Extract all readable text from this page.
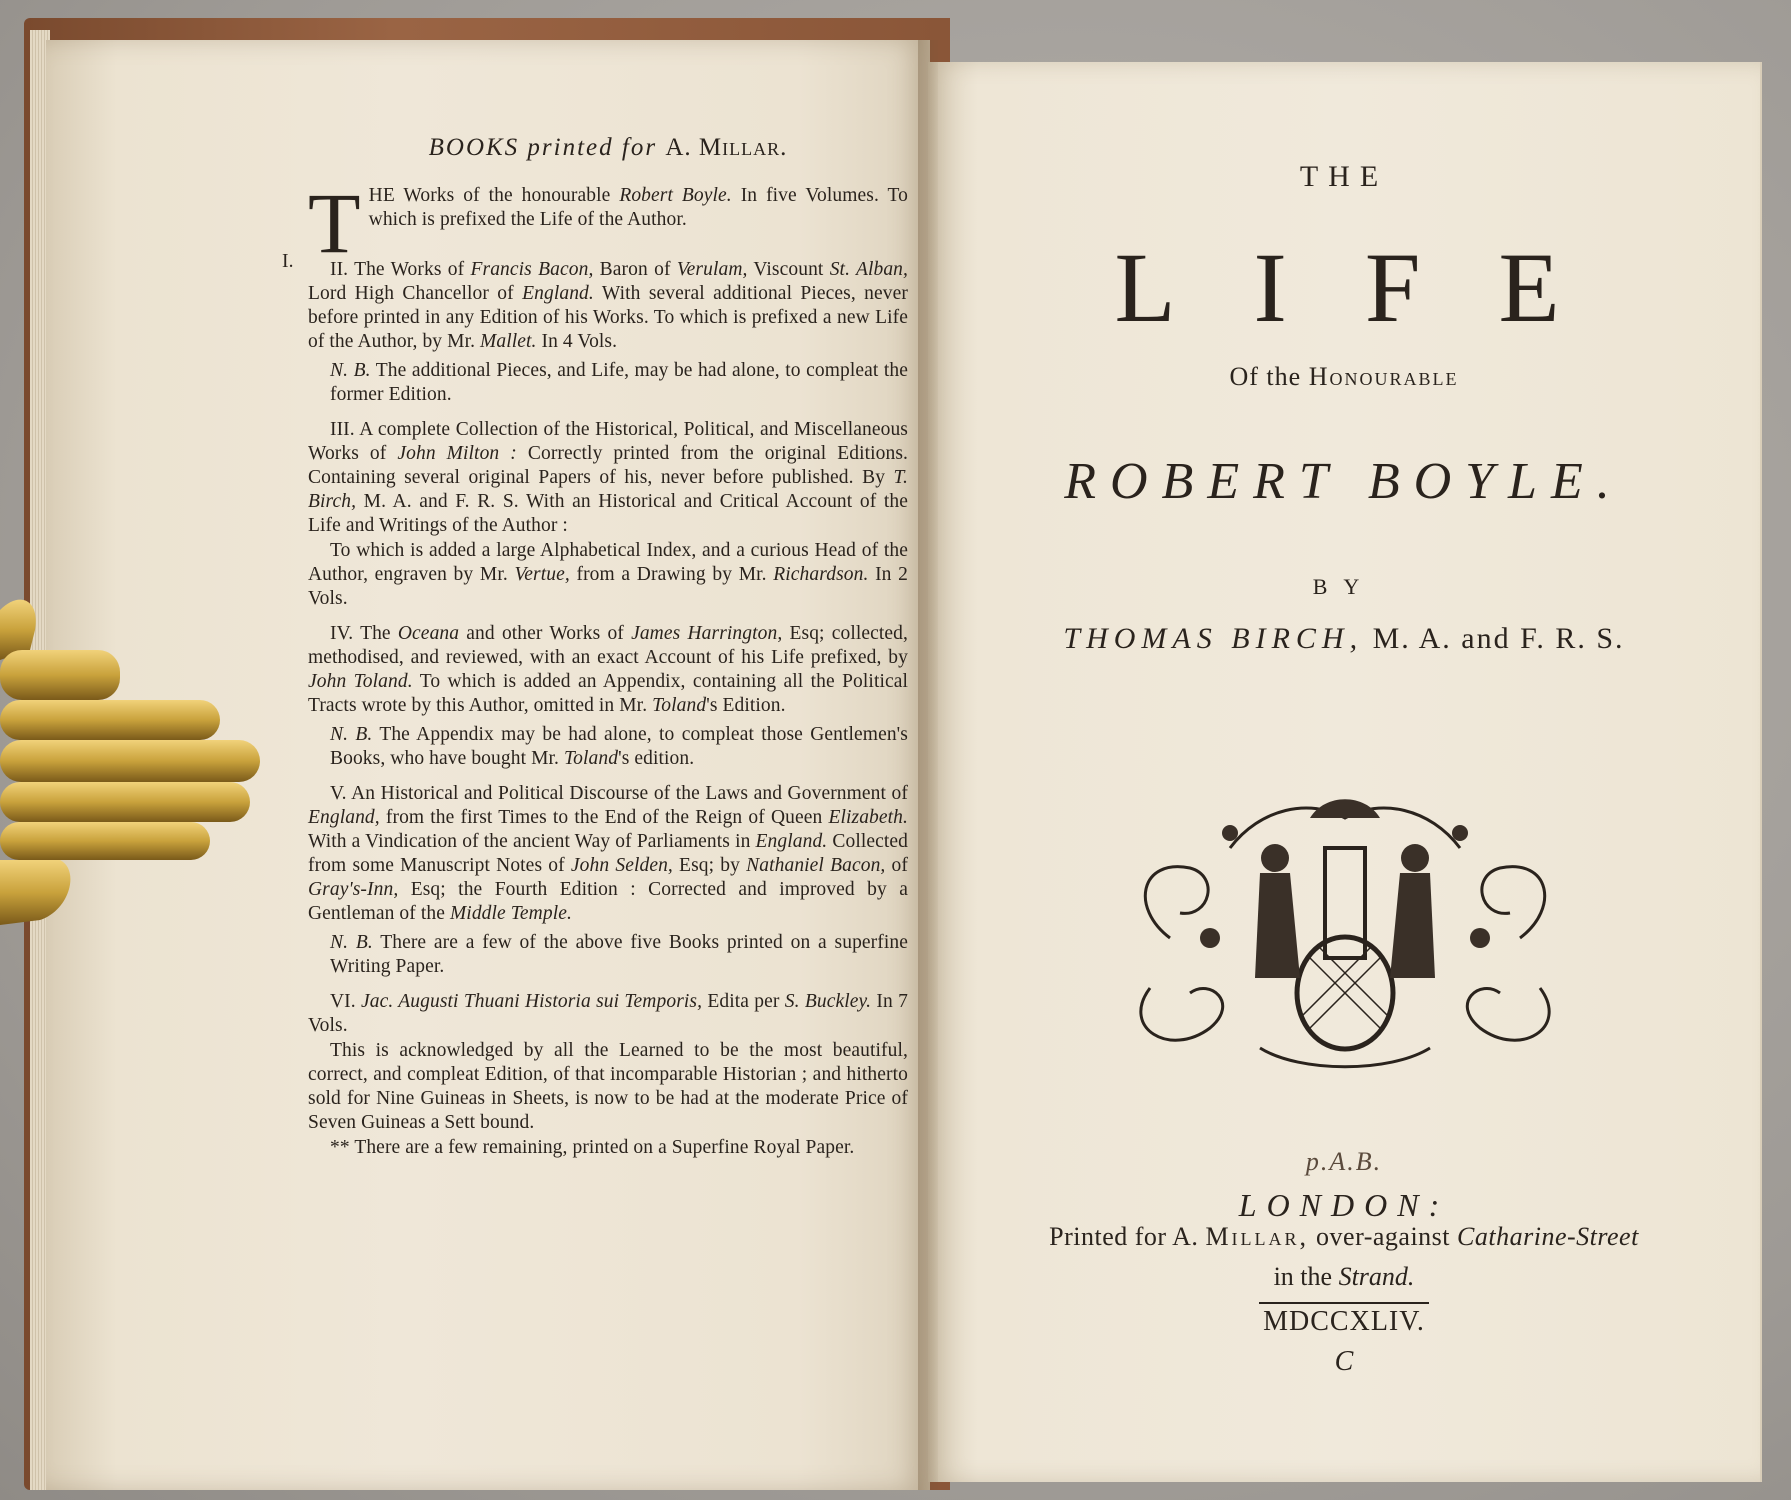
BOOKS printed for A. Millar.
I. THE Works of the honourable Robert Boyle. In five Volumes. To which is prefixed the Life of the Author.

II. The Works of Francis Bacon, Baron of Verulam, Viscount St. Alban, Lord High Chancellor of England. With several additional Pieces, never before printed in any Edition of his Works. To which is prefixed a new Life of the Author, by Mr. Mallet. In 4 Vols.

N. B. The additional Pieces, and Life, may be had alone, to compleat the former Edition.

III. A complete Collection of the Historical, Political, and Miscellaneous Works of John Milton : Correctly printed from the original Editions. Containing several original Papers of his, never before published. By T. Birch, M. A. and F. R. S. With an Historical and Critical Account of the Life and Writings of the Author :

To which is added a large Alphabetical Index, and a curious Head of the Author, engraven by Mr. Vertue, from a Drawing by Mr. Richardson. In 2 Vols.

IV. The Oceana and other Works of James Harrington, Esq; collected, methodised, and reviewed, with an exact Account of his Life prefixed, by John Toland. To which is added an Appendix, containing all the Political Tracts wrote by this Author, omitted in Mr. Toland's Edition.

N. B. The Appendix may be had alone, to compleat those Gentlemen's Books, who have bought Mr. Toland's edition.

V. An Historical and Political Discourse of the Laws and Government of England, from the first Times to the End of the Reign of Queen Elizabeth. With a Vindication of the ancient Way of Parliaments in England. Collected from some Manuscript Notes of John Selden, Esq; by Nathaniel Bacon, of Gray's-Inn, Esq; the Fourth Edition : Corrected and improved by a Gentleman of the Middle Temple.

N. B. There are a few of the above five Books printed on a superfine Writing Paper.

VI. Jac. Augusti Thuani Historia sui Temporis, Edita per S. Buckley. In 7 Vols.

This is acknowledged by all the Learned to be the most beautiful, correct, and compleat Edition, of that incomparable Historian ; and hitherto sold for Nine Guineas in Sheets, is now to be had at the moderate Price of Seven Guineas a Sett bound.

** There are a few remaining, printed on a Superfine Royal Paper.

THE
LIFE
Of the Honourable
ROBERT BOYLE.
BY
THOMAS BIRCH, M. A. and F. R. S.
p.A.B.
LONDON:
Printed for A. Millar, over-against Catharine-Street
in the Strand.
MDCCXLIV.
C
